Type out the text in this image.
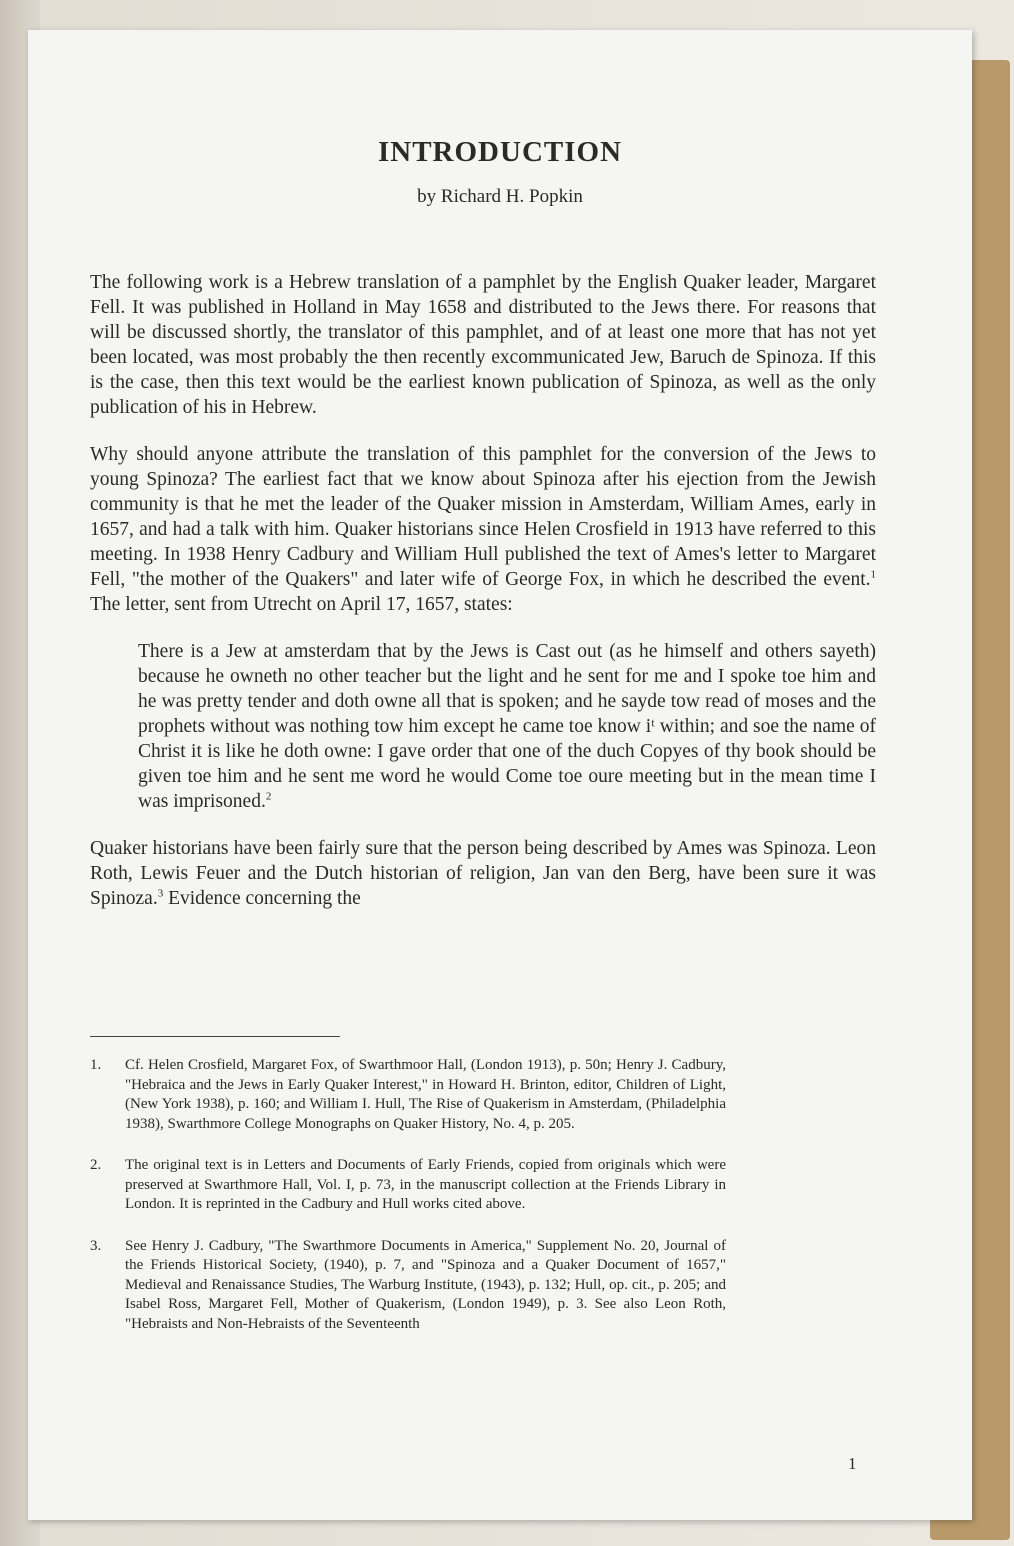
INTRODUCTION
by Richard H. Popkin

The following work is a Hebrew translation of a pamphlet by the English Quaker leader, Margaret Fell. It was published in Holland in May 1658 and distributed to the Jews there. For reasons that will be discussed shortly, the translator of this pamphlet, and of at least one more that has not yet been located, was most probably the then recently excommunicated Jew, Baruch de Spinoza. If this is the case, then this text would be the earliest known publication of Spinoza, as well as the only publication of his in Hebrew.

Why should anyone attribute the translation of this pamphlet for the conversion of the Jews to young Spinoza? The earliest fact that we know about Spinoza after his ejection from the Jewish community is that he met the leader of the Quaker mission in Amsterdam, William Ames, early in 1657, and had a talk with him. Quaker historians since Helen Crosfield in 1913 have referred to this meeting. In 1938 Henry Cadbury and William Hull published the text of Ames's letter to Margaret Fell, "the mother of the Quakers" and later wife of George Fox, in which he described the event.$^1$ The letter, sent from Utrecht on April 17, 1657, states:

There is a Jew at amsterdam that by the Jews is Cast out (as he himself and others sayeth) because he owneth no other teacher but the light and he sent for me and I spoke toe him and he was pretty tender and doth owne all that is spoken; and he sayde tow read of moses and the prophets without was nothing tow him except he came toe know iᵗ within; and soe the name of Christ it is like he doth owne: I gave order that one of the duch Copyes of thy book should be given toe him and he sent me word he would Come toe oure meeting but in the mean time I was imprisoned.$^2$

Quaker historians have been fairly sure that the person being described by Ames was Spinoza. Leon Roth, Lewis Feuer and the Dutch historian of religion, Jan van den Berg, have been sure it was Spinoza.$^3$ Evidence concerning the

1.	Cf. Helen Crosfield, Margaret Fox, of Swarthmoor Hall, (London 1913), p. 50n; Henry J. Cadbury, "Hebraica and the Jews in Early Quaker Interest," in Howard H. Brinton, editor, Children of Light, (New York 1938), p. 160; and William I. Hull, The Rise of Quakerism in Amsterdam, (Philadelphia 1938), Swarthmore College Monographs on Quaker History, No. 4, p. 205.
2.	The original text is in Letters and Documents of Early Friends, copied from originals which were preserved at Swarthmore Hall, Vol. I, p. 73, in the manuscript collection at the Friends Library in London. It is reprinted in the Cadbury and Hull works cited above.
3.	See Henry J. Cadbury, "The Swarthmore Documents in America," Supplement No. 20, Journal of the Friends Historical Society, (1940), p. 7, and "Spinoza and a Quaker Document of 1657," Medieval and Renaissance Studies, The Warburg Institute, (1943), p. 132; Hull, op. cit., p. 205; and Isabel Ross, Margaret Fell, Mother of Quakerism, (London 1949), p. 3. See also Leon Roth, "Hebraists and Non-Hebraists of the Seventeenth
1
